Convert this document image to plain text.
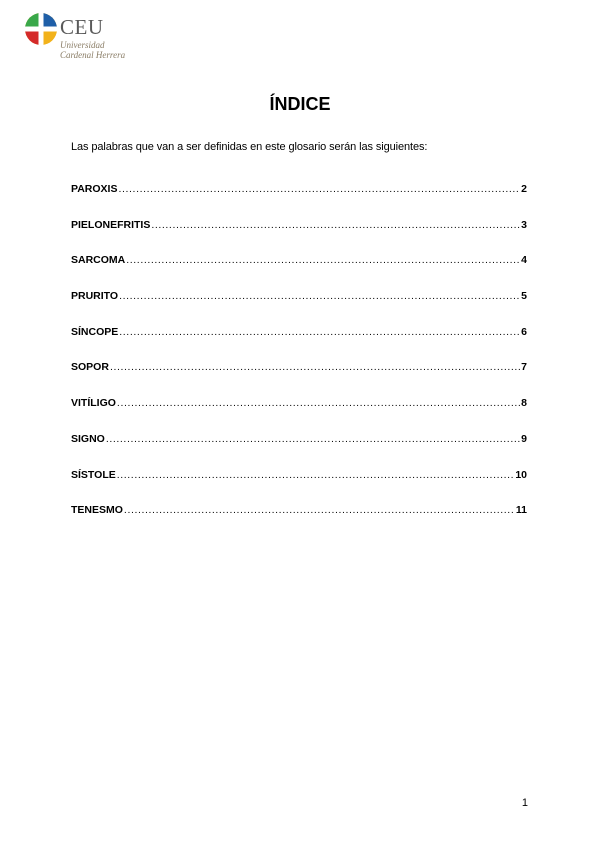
CEU
Universidad
Cardenal Herrera
ÍNDICE
Las palabras que van a ser definidas en este glosario serán las siguientes:
PAROXIS .....	2
PIELONEFRITIS .....	3
SARCOMA .....	4
PRURITO .....	5
SÍNCOPE .....	6
SOPOR .....	7
VITÍLIGO .....	8
SIGNO .....	9
SÍSTOLE .....	10
TENESMO .....	11
1
